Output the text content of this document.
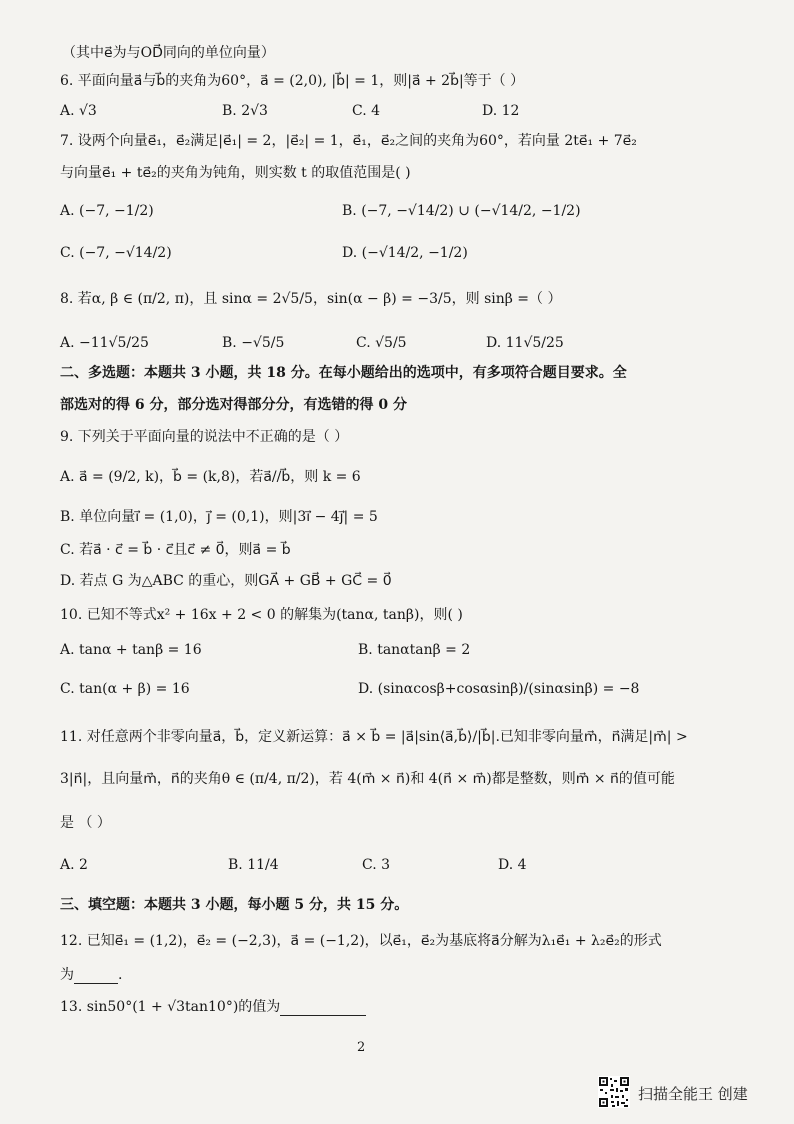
（其中e⃗为与OD⃗同向的单位向量）
6. 平面向量a⃗与b⃗的夹角为60°，a⃗ = (2,0), |b⃗| = 1，则|a⃗ + 2b⃗|等于（ ）
A. √3	B. 2√3	C. 4	D. 12
7. 设两个向量e⃗₁，e⃗₂满足|e⃗₁| = 2，|e⃗₂| = 1，e⃗₁，e⃗₂之间的夹角为60°，若向量 2te⃗₁ + 7e⃗₂
与向量e⃗₁ + te⃗₂的夹角为钝角，则实数 t 的取值范围是( )
A. (−7, −1/2)	B. (−7, −√14/2) ∪ (−√14/2, −1/2)
C. (−7, −√14/2)	D. (−√14/2, −1/2)
8. 若α, β ∈ (π/2, π)，且 sinα = 2√5/5，sin(α − β) = −3/5，则 sinβ =（ ）
A. −11√5/25	B. −√5/5	C. √5/5	D. 11√5/25
二、多选题：本题共 3 小题，共 18 分。在每小题给出的选项中，有多项符合题目要求。全
部选对的得 6 分，部分选对得部分分，有选错的得 0 分
9. 下列关于平面向量的说法中不正确的是（ ）
A. a⃗ = (9/2, k)，b⃗ = (k,8)，若a⃗//b⃗，则 k = 6
B. 单位向量i⃗ = (1,0)，j⃗ = (0,1)，则|3i⃗ − 4j⃗| = 5
C. 若a⃗ · c⃗ = b⃗ · c⃗且c⃗ ≠ 0⃗，则a⃗ = b⃗
D. 若点 G 为△ABC 的重心，则GA⃗ + GB⃗ + GC⃗ = 0⃗
10. 已知不等式x² + 16x + 2 < 0 的解集为(tanα, tanβ)，则( )
A. tanα + tanβ = 16	B. tanαtanβ = 2
C. tan(α + β) = 16	D. (sinαcosβ+cosαsinβ)/(sinαsinβ) = −8
11. 对任意两个非零向量a⃗，b⃗，定义新运算：a⃗ × b⃗ = |a⃗|sin⟨a⃗,b⃗⟩/|b⃗|.已知非零向量m⃗，n⃗满足|m⃗| >
3|n⃗|，且向量m⃗，n⃗的夹角θ ∈ (π/4, π/2)，若 4(m⃗ × n⃗)和 4(n⃗ × m⃗)都是整数，则m⃗ × n⃗的值可能
是 （ ）
A. 2	B. 11/4	C. 3	D. 4
三、填空题：本题共 3 小题，每小题 5 分，共 15 分。
12. 已知e⃗₁ = (1,2)，e⃗₂ = (−2,3)，a⃗ = (−1,2)，以e⃗₁，e⃗₂为基底将a⃗分解为λ₁e⃗₁ + λ₂e⃗₂的形式
为	.
13. sin50°(1 + √3tan10°)的值为
2
扫描全能王 创建
